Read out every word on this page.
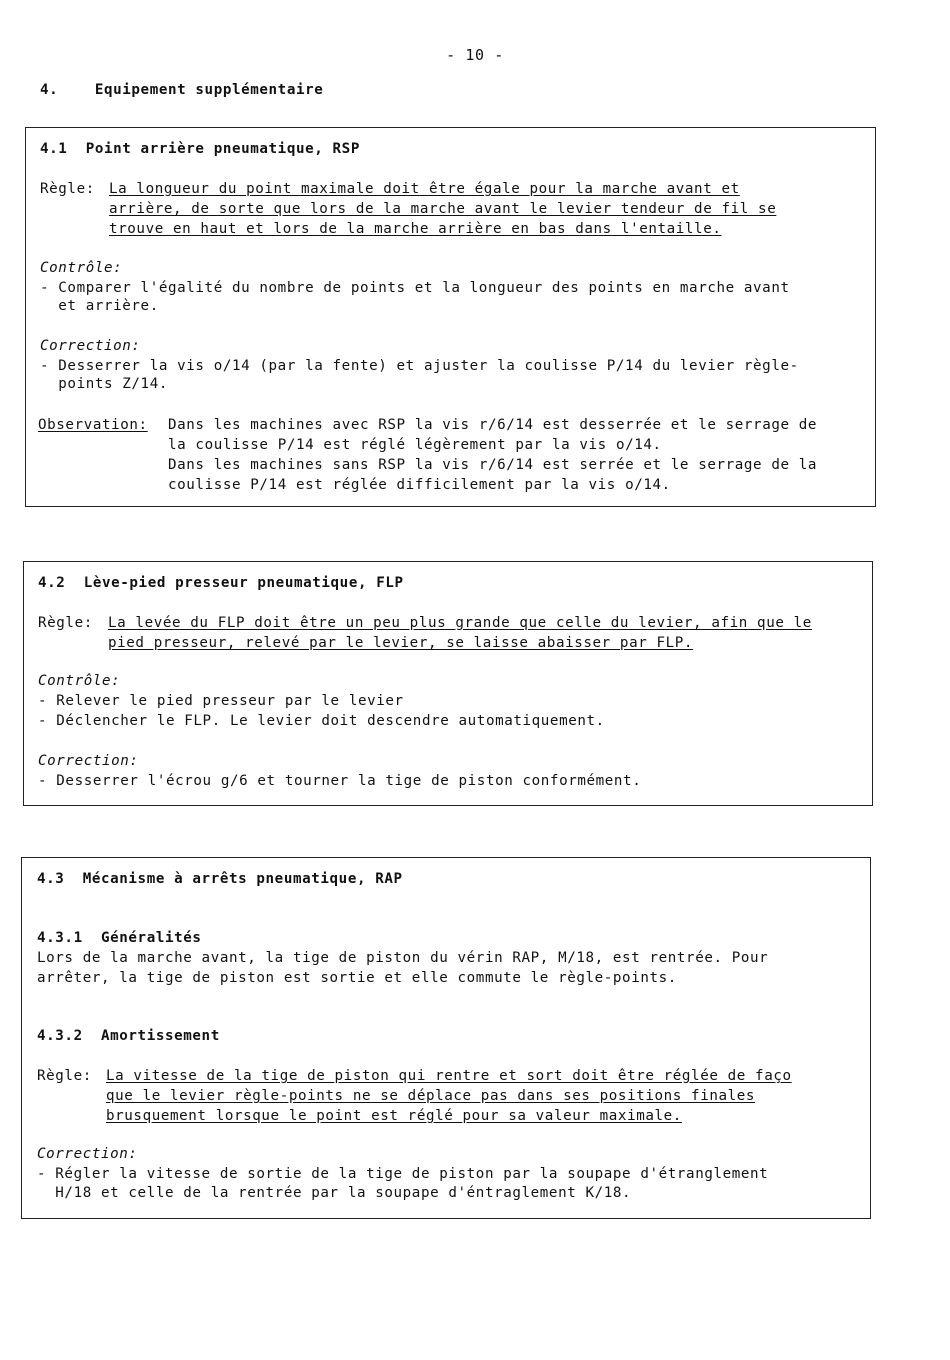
- 10 -
4.    Equipement supplémentaire
4.1  Point arrière pneumatique, RSP
Règle: La longueur du point maximale doit être égale pour la marche avant et
arrière, de sorte que lors de la marche avant le levier tendeur de fil se
trouve en haut et lors de la marche arrière en bas dans l'entaille.
Contrôle:
- Comparer l'égalité du nombre de points et la longueur des points en marche avant
et arrière.
Correction:
- Desserrer la vis o/14 (par la fente) et ajuster la coulisse P/14 du levier règle-
points Z/14.
Observation: Dans les machines avec RSP la vis r/6/14 est desserrée et le serrage de
la coulisse P/14 est réglé légèrement par la vis o/14.
Dans les machines sans RSP la vis r/6/14 est serrée et le serrage de la
coulisse P/14 est réglée difficilement par la vis o/14.
4.2  Lève-pied presseur pneumatique, FLP
Règle: La levée du FLP doit être un peu plus grande que celle du levier, afin que le
pied presseur, relevé par le levier, se laisse abaisser par FLP.
Contrôle:
- Relever le pied presseur par le levier
- Déclencher le FLP. Le levier doit descendre automatiquement.
Correction:
- Desserrer l'écrou g/6 et tourner la tige de piston conformément.
4.3  Mécanisme à arrêts pneumatique, RAP
4.3.1  Généralités
Lors de la marche avant, la tige de piston du vérin RAP, M/18, est rentrée. Pour
arrêter, la tige de piston est sortie et elle commute le règle-points.
4.3.2  Amortissement
Règle: La vitesse de la tige de piston qui rentre et sort doit être réglée de faço
que le levier règle-points ne se déplace pas dans ses positions finales
brusquement lorsque le point est réglé pour sa valeur maximale.
Correction:
- Régler la vitesse de sortie de la tige de piston par la soupape d'étranglement
H/18 et celle de la rentrée par la soupape d'éntraglement K/18.
